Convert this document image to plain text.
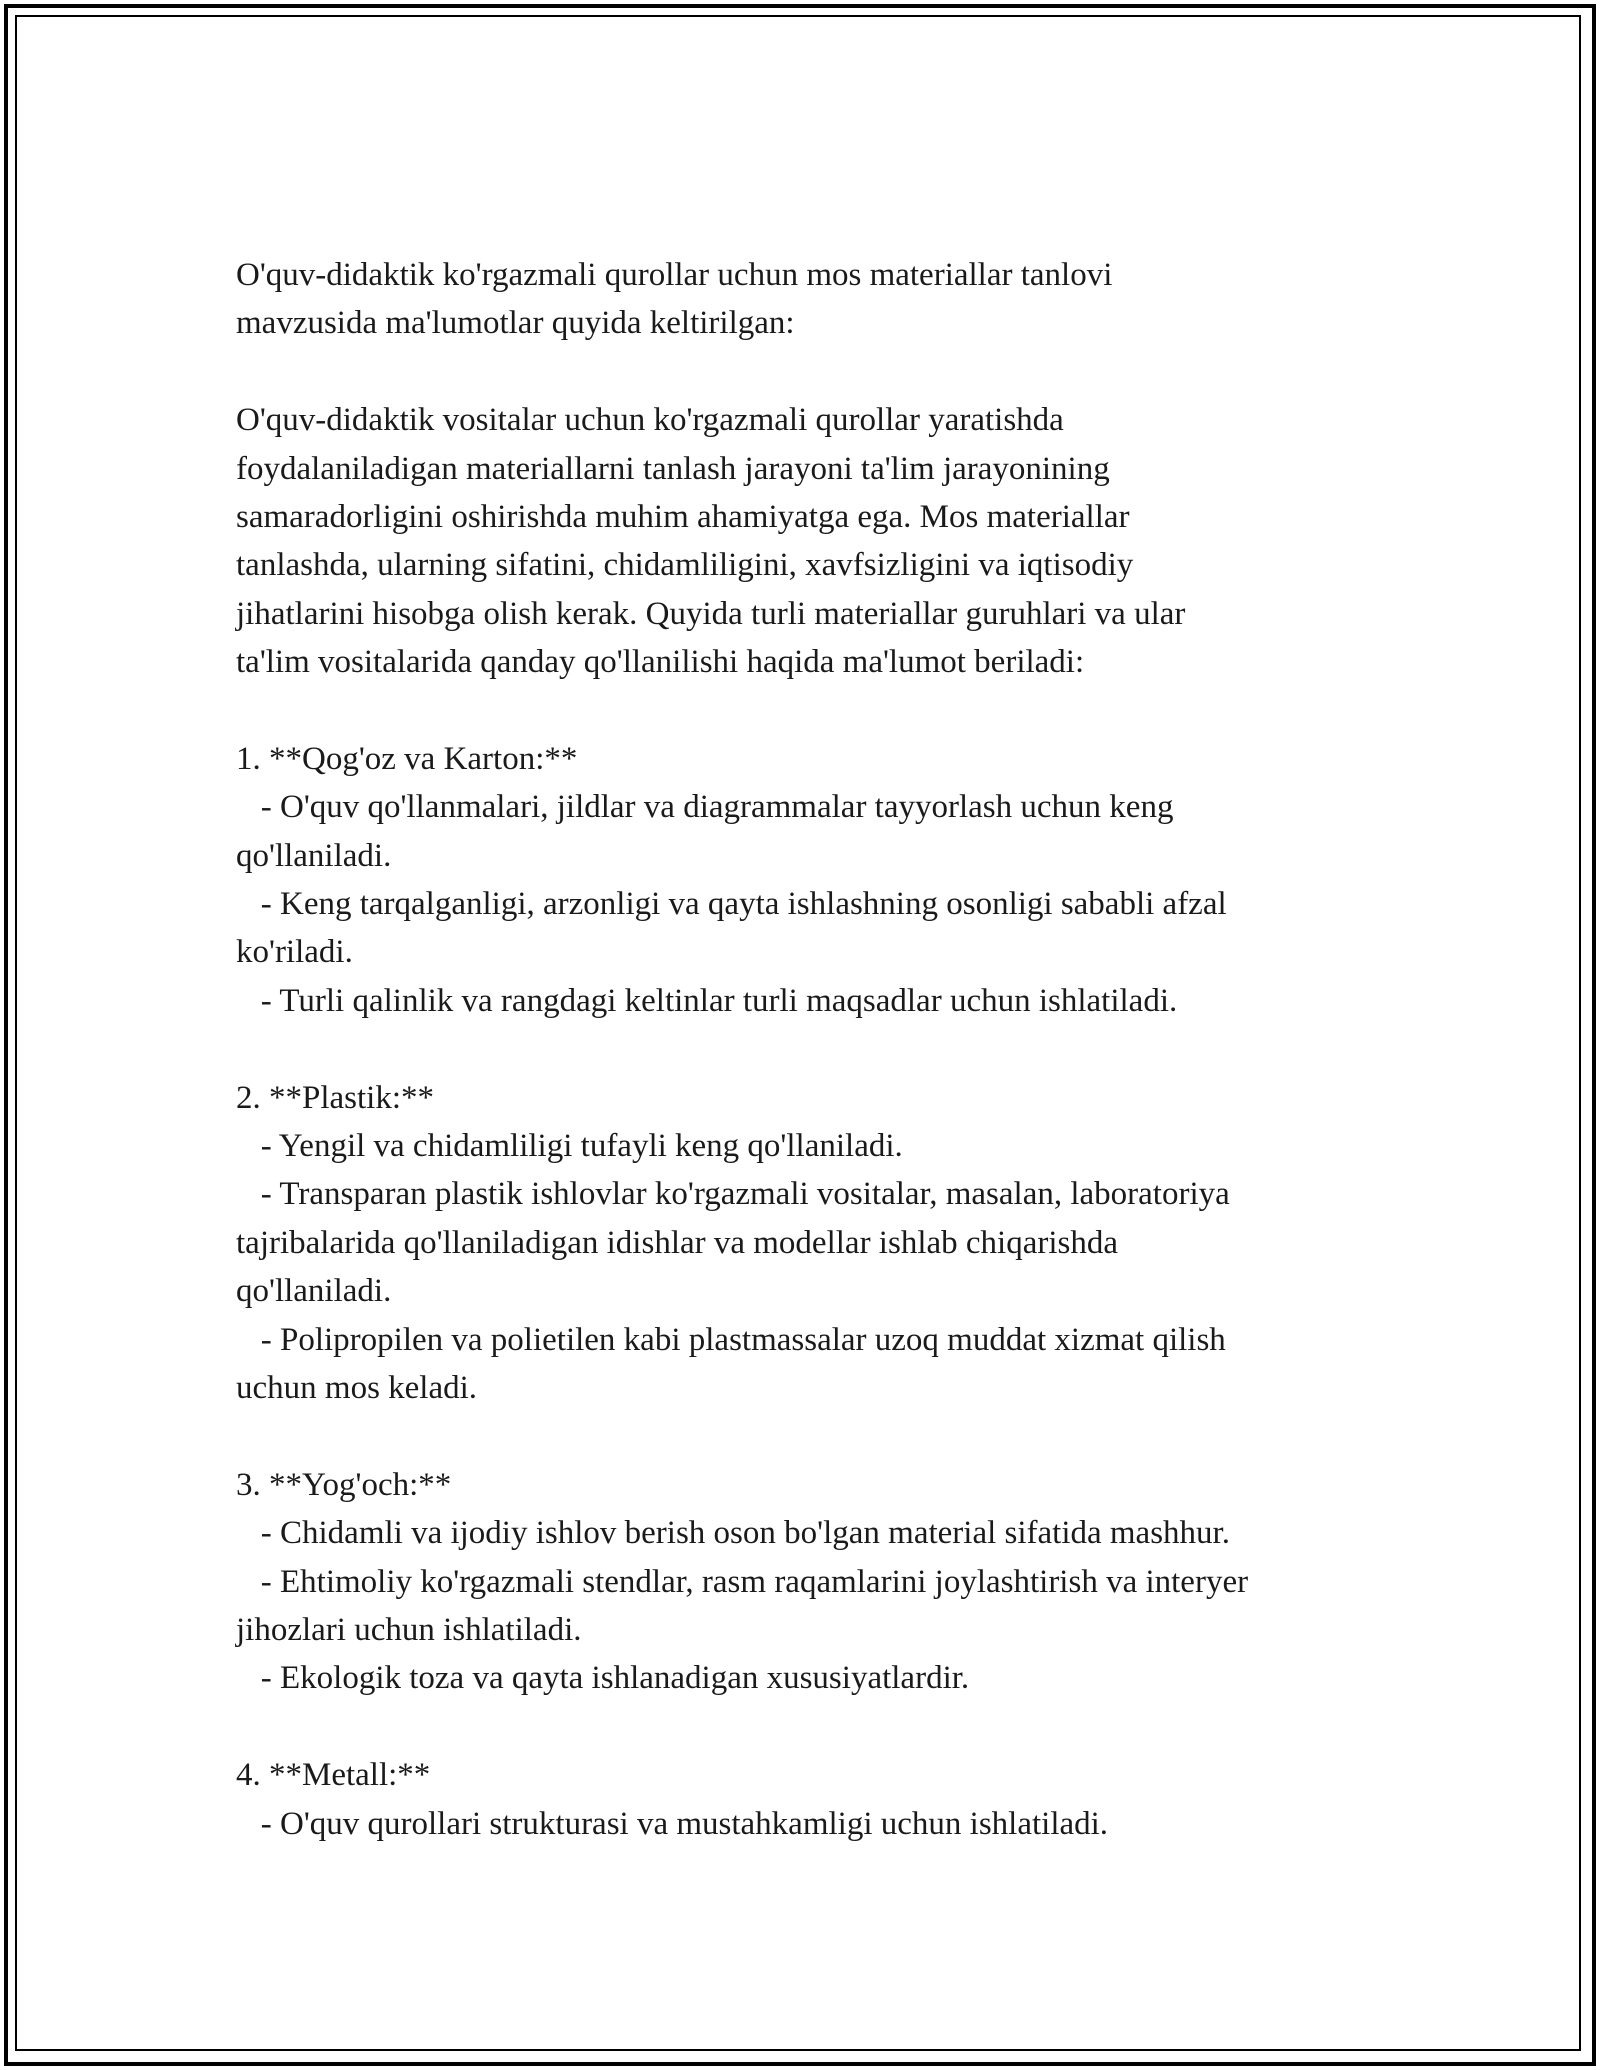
O'quv-didaktik ko'rgazmali qurollar uchun mos materiallar tanlovi
mavzusida ma'lumotlar quyida keltirilgan:
O'quv-didaktik vositalar uchun ko'rgazmali qurollar yaratishda
foydalaniladigan materiallarni tanlash jarayoni ta'lim jarayonining
samaradorligini oshirishda muhim ahamiyatga ega. Mos materiallar
tanlashda, ularning sifatini, chidamliligini, xavfsizligini va iqtisodiy
jihatlarini hisobga olish kerak. Quyida turli materiallar guruhlari va ular
ta'lim vositalarida qanday qo'llanilishi haqida ma'lumot beriladi:
1. **Qog'oz va Karton:**
- O'quv qo'llanmalari, jildlar va diagrammalar tayyorlash uchun keng
qo'llaniladi.
- Keng tarqalganligi, arzonligi va qayta ishlashning osonligi sababli afzal
ko'riladi.
- Turli qalinlik va rangdagi keltinlar turli maqsadlar uchun ishlatiladi.
2. **Plastik:**
- Yengil va chidamliligi tufayli keng qo'llaniladi.
- Transparan plastik ishlovlar ko'rgazmali vositalar, masalan, laboratoriya
tajribalarida qo'llaniladigan idishlar va modellar ishlab chiqarishda
qo'llaniladi.
- Polipropilen va polietilen kabi plastmassalar uzoq muddat xizmat qilish
uchun mos keladi.
3. **Yog'och:**
- Chidamli va ijodiy ishlov berish oson bo'lgan material sifatida mashhur.
- Ehtimoliy ko'rgazmali stendlar, rasm raqamlarini joylashtirish va interyer
jihozlari uchun ishlatiladi.
- Ekologik toza va qayta ishlanadigan xususiyatlardir.
4. **Metall:**
- O'quv qurollari strukturasi va mustahkamligi uchun ishlatiladi.
